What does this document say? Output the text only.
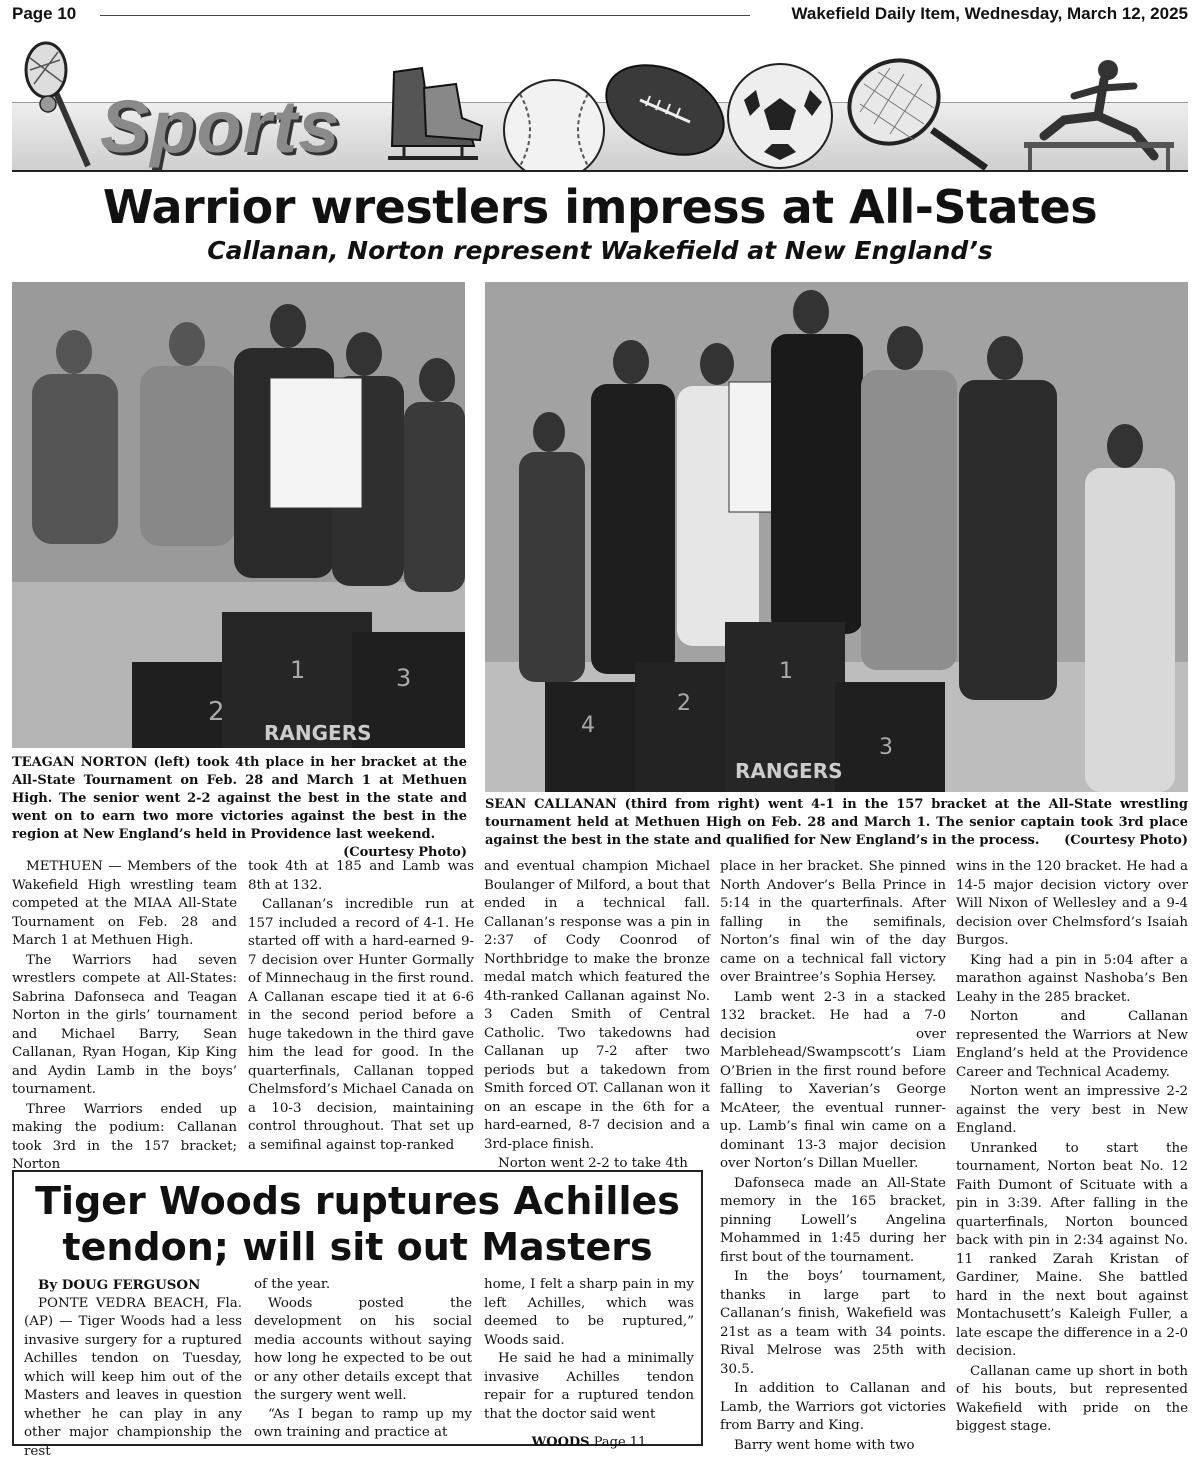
Page 10	Wakefield Daily Item, Wednesday, March 12, 2025
Sports
Warrior wrestlers impress at All-States
Callanan, Norton represent Wakefield at New England’s
2
1	3
RANGERS	4
2
1
3
RANGERS
TEAGAN NORTON (left) took 4th place in her bracket at the All-State Tournament on Feb. 28 and March 1 at Methuen High. The senior went 2-2 against the best in the state and went on to earn two more victories against the best in the region at New England’s held in Providence last weekend.
(Courtesy Photo)
SEAN CALLANAN (third from right) went 4-1 in the 157 bracket at the All-State wrestling tournament held at Methuen High on Feb. 28 and March 1. The senior captain took 3rd place against the best in the state and qualified for New England’s in the process. (Courtesy Photo)

METHUEN — Members of the Wakefield High wrestling team competed at the MIAA All-State Tournament on Feb. 28 and March 1 at Methuen High.

The Warriors had seven wrestlers compete at All-States: Sabrina Dafonseca and Teagan Norton in the girls’ tournament and Michael Barry, Sean Callanan, Ryan Hogan, Kip King and Aydin Lamb in the boys’ tournament.

Three Warriors ended up making the podium: Callanan took 3rd in the 157 bracket; Norton

took 4th at 185 and Lamb was 8th at 132.

Callanan’s incredible run at 157 included a record of 4-1. He started off with a hard-earned 9-7 decision over Hunter Gormally of Minnechaug in the first round. A Callanan escape tied it at 6-6 in the second period before a huge takedown in the third gave him the lead for good. In the quarterfinals, Callanan topped Chelmsford’s Michael Canada on a 10-3 decision, maintaining control throughout. That set up a semifinal against top-ranked

and eventual champion Michael Boulanger of Milford, a bout that ended in a technical fall. Callanan’s response was a pin in 2:37 of Cody Coonrod of Northbridge to make the bronze medal match which featured the 4th-ranked Callanan against No. 3 Caden Smith of Central Catholic. Two takedowns had Callanan up 7-2 after two periods but a takedown from Smith forced OT. Callanan won it on an escape in the 6th for a hard-earned, 8-7 decision and a 3rd-place finish.

Norton went 2-2 to take 4th

place in her bracket. She pinned North Andover’s Bella Prince in 5:14 in the quarterfinals. After falling in the semifinals, Norton’s final win of the day came on a technical fall victory over Braintree’s Sophia Hersey.

Lamb went 2-3 in a stacked 132 bracket. He had a 7-0 decision over Marblehead/Swampscott’s Liam O’Brien in the first round before falling to Xaverian’s George McAteer, the eventual runner-up. Lamb’s final win came on a dominant 13-3 major decision over Norton’s Dillan Mueller.

Dafonseca made an All-State memory in the 165 bracket, pinning Lowell’s Angelina Mohammed in 1:45 during her first bout of the tournament.

In the boys’ tournament, thanks in large part to Callanan’s finish, Wakefield was 21st as a team with 34 points. Rival Melrose was 25th with 30.5.

In addition to Callanan and Lamb, the Warriors got victories from Barry and King.

Barry went home with two

wins in the 120 bracket. He had a 14-5 major decision victory over Will Nixon of Wellesley and a 9-4 decision over Chelmsford’s Isaiah Burgos.

King had a pin in 5:04 after a marathon against Nashoba’s Ben Leahy in the 285 bracket.

Norton and Callanan represented the Warriors at New England’s held at the Providence Career and Technical Academy.

Norton went an impressive 2-2 against the very best in New England.

Unranked to start the tournament, Norton beat No. 12 Faith Dumont of Scituate with a pin in 3:39. After falling in the quarterfinals, Norton bounced back with pin in 2:34 against No. 11 ranked Zarah Kristan of Gardiner, Maine. She battled hard in the next bout against Montachusett’s Kaleigh Fuller, a late escape the difference in a 2-0 decision.

Callanan came up short in both of his bouts, but represented Wakefield with pride on the biggest stage.

Tiger Woods ruptures Achilles
tendon; will sit out Masters

By DOUG FERGUSON

PONTE VEDRA BEACH, Fla. (AP) — Tiger Woods had a less invasive surgery for a ruptured Achilles tendon on Tuesday, which will keep him out of the Masters and leaves in question whether he can play in any other major championship the rest

of the year.

Woods posted the development on his social media accounts without saying how long he expected to be out or any other details except that the surgery went well.

“As I began to ramp up my own training and practice at

home, I felt a sharp pain in my left Achilles, which was deemed to be ruptured,” Woods said.

He said he had a minimally invasive Achilles tendon repair for a ruptured tendon that the doctor said went

WOODS Page 11
